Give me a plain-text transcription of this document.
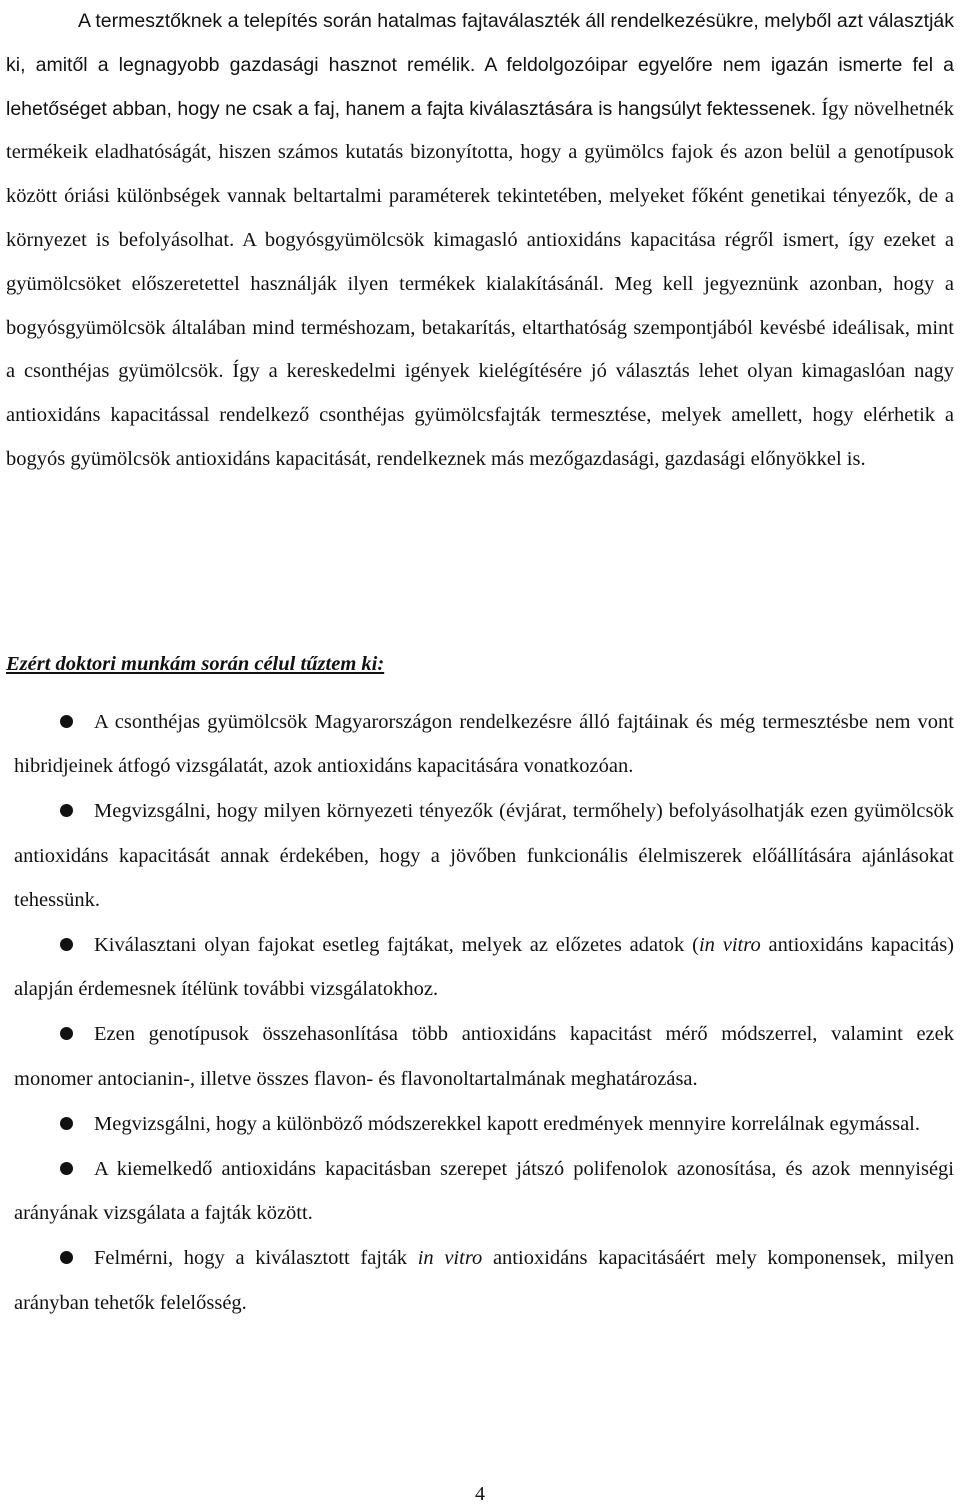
A termesztőknek a telepítés során hatalmas fajtaválaszték áll rendelkezésükre, melyből azt választják ki, amitől a legnagyobb gazdasági hasznot remélik. A feldolgozóipar egyelőre nem igazán ismerte fel a lehetőséget abban, hogy ne csak a faj, hanem a fajta kiválasztására is hangsúlyt fektessenek. Így növelhetnék termékeik eladhatóságát, hiszen számos kutatás bizonyította, hogy a gyümölcs fajok és azon belül a genotípusok között óriási különbségek vannak beltartalmi paraméterek tekintetében, melyeket főként genetikai tényezők, de a környezet is befolyásolhat. A bogyósgyümölcsök kimagasló antioxidáns kapacitása régről ismert, így ezeket a gyümölcsöket előszeretettel használják ilyen termékek kialakításánál. Meg kell jegyeznünk azonban, hogy a bogyósgyümölcsök általában mind terméshozam, betakarítás, eltarthatóság szempontjából kevésbé ideálisak, mint a csonthéjas gyümölcsök. Így a kereskedelmi igények kielégítésére jó választás lehet olyan kimagaslóan nagy antioxidáns kapacitással rendelkező csonthéjas gyümölcsfajták termesztése, melyek amellett, hogy elérhetik a bogyós gyümölcsök antioxidáns kapacitását, rendelkeznek más mezőgazdasági, gazdasági előnyökkel is.

Ezért doktori munkám során célul tűztem ki:

A csonthéjas gyümölcsök Magyarországon rendelkezésre álló fajtáinak és még termesztésbe nem vont hibridjeinek átfogó vizsgálatát, azok antioxidáns kapacitására vonatkozóan.
Megvizsgálni, hogy milyen környezeti tényezők (évjárat, termőhely) befolyásolhatják ezen gyümölcsök antioxidáns kapacitását annak érdekében, hogy a jövőben funkcionális élelmiszerek előállítására ajánlásokat tehessünk.
Kiválasztani olyan fajokat esetleg fajtákat, melyek az előzetes adatok (in vitro antioxidáns kapacitás) alapján érdemesnek ítélünk további vizsgálatokhoz.
Ezen genotípusok összehasonlítása több antioxidáns kapacitást mérő módszerrel, valamint ezek monomer antocianin-, illetve összes flavon- és flavonoltartalmának meghatározása.
Megvizsgálni, hogy a különböző módszerekkel kapott eredmények mennyire korrelálnak egymással.
A kiemelkedő antioxidáns kapacitásban szerepet játszó polifenolok azonosítása, és azok mennyiségi arányának vizsgálata a fajták között.
Felmérni, hogy a kiválasztott fajták in vitro antioxidáns kapacitásáért mely komponensek, milyen arányban tehetők felelősség.
4
